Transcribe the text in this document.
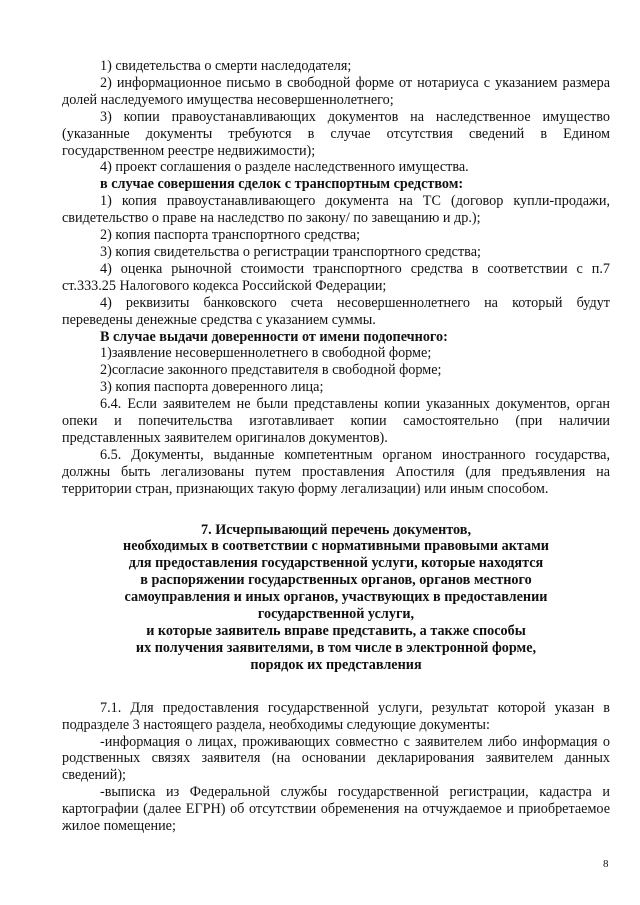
1) свидетельства о смерти наследодателя;

2) информационное письмо в свободной форме от нотариуса с указанием размера долей наследуемого имущества несовершеннолетнего;

3) копии правоустанавливающих документов на наследственное имущество (указанные документы требуются в случае отсутствия сведений в Едином государственном реестре недвижимости);

4) проект соглашения о разделе наследственного имущества.

в случае совершения сделок с транспортным средством:

1) копия правоустанавливающего документа на ТС (договор купли-продажи, свидетельство о праве на наследство по закону/ по завещанию и др.);

2) копия паспорта транспортного средства;

3) копия свидетельства о регистрации транспортного средства;

4) оценка рыночной стоимости транспортного средства в соответствии с п.7 ст.333.25 Налогового кодекса Российской Федерации;

4) реквизиты банковского счета несовершеннолетнего на который будут переведены денежные средства с указанием суммы.

В случае выдачи доверенности от имени подопечного:

1)заявление несовершеннолетнего в свободной форме;

2)согласие законного представителя в свободной форме;

3) копия паспорта доверенного лица;

6.4. Если заявителем не были представлены копии указанных документов, орган опеки и попечительства изготавливает копии самостоятельно (при наличии представленных заявителем оригиналов документов).

6.5. Документы, выданные компетентным органом иностранного государства, должны быть легализованы путем проставления Апостиля (для предъявления на территории стран, признающих такую форму легализации) или иным способом.

7. Исчерпывающий перечень документов,
необходимых в соответствии с нормативными правовыми актами
для предоставления государственной услуги, которые находятся
в распоряжении государственных органов, органов местного
самоуправления и иных органов, участвующих в предоставлении
государственной услуги,
и которые заявитель вправе представить, а также способы
их получения заявителями, в том числе в электронной форме,
порядок их представления

7.1. Для предоставления государственной услуги, результат которой указан в подразделе 3 настоящего раздела, необходимы следующие документы:

-информация о лицах, проживающих совместно с заявителем либо информация о родственных связях заявителя (на основании декларирования заявителем данных сведений);

-выписка из Федеральной службы государственной регистрации, кадастра и картографии (далее ЕГРН) об отсутствии обременения на отчуждаемое и приобретаемое жилое помещение;

8
